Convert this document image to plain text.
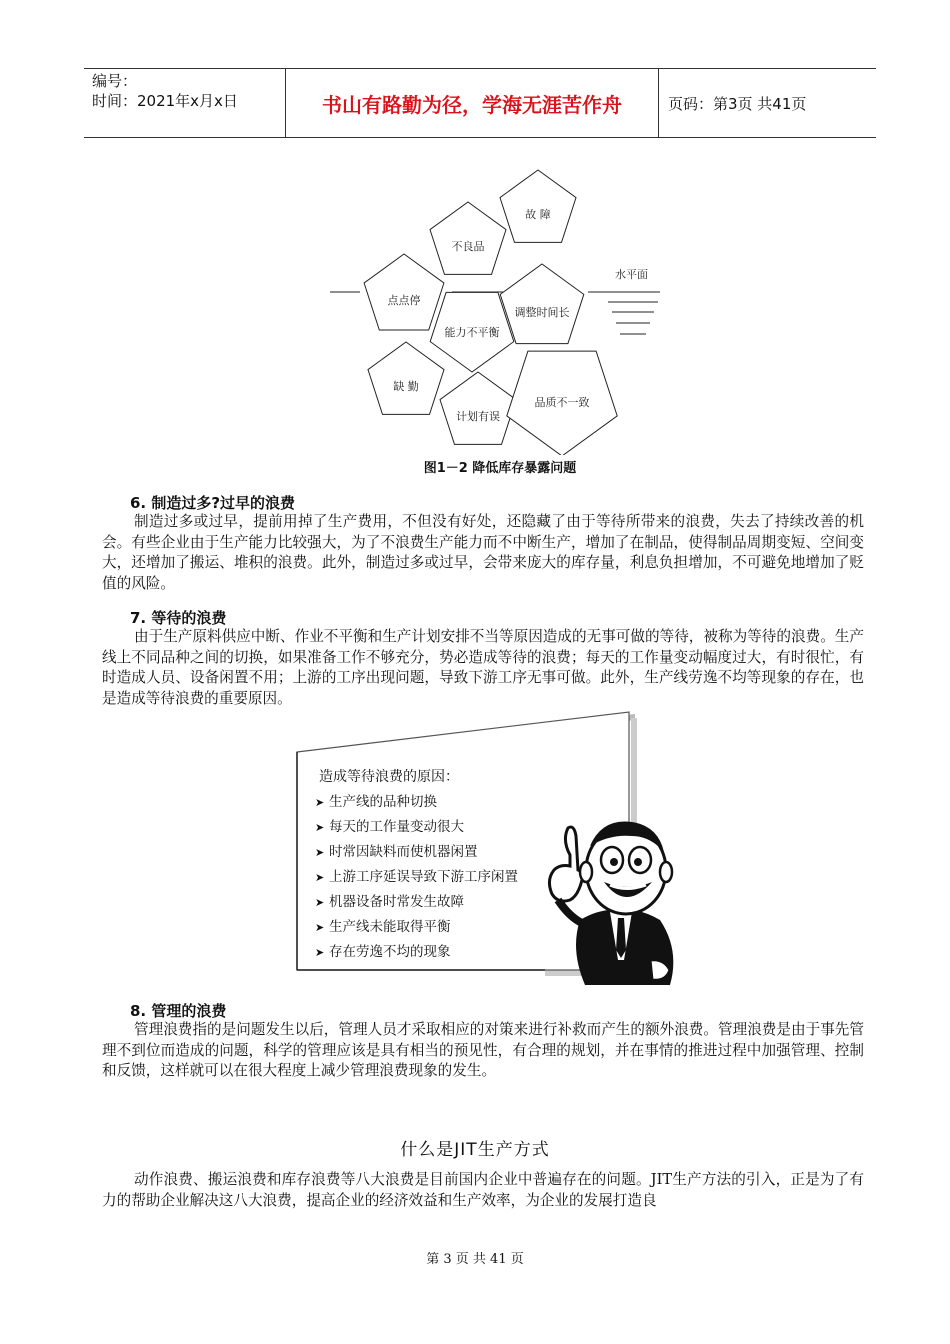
编号：
时间：2021年x月x日	书山有路勤为径，学海无涯苦作舟	页码：第3页 共41页
故 障
不良品
点点停
能力不平衡
调整时间长
缺 勤
计划有误
品质不一致
水平面
图1－2 降低库存暴露问题
6. 制造过多?过早的浪费
制造过多或过早，提前用掉了生产费用，不但没有好处，还隐藏了由于等待所带来的浪费，失去了持续改善的机会。有些企业由于生产能力比较强大，为了不浪费生产能力而不中断生产，增加了在制品，使得制品周期变短、空间变大，还增加了搬运、堆积的浪费。此外，制造过多或过早，会带来庞大的库存量，利息负担增加，不可避免地增加了贬值的风险。
7. 等待的浪费
由于生产原料供应中断、作业不平衡和生产计划安排不当等原因造成的无事可做的等待，被称为等待的浪费。生产线上不同品种之间的切换，如果准备工作不够充分，势必造成等待的浪费；每天的工作量变动幅度过大，有时很忙，有时造成人员、设备闲置不用；上游的工序出现问题，导致下游工序无事可做。此外，生产线劳逸不均等现象的存在，也是造成等待浪费的重要原因。
造成等待浪费的原因：
➤ 生产线的品种切换
➤ 每天的工作量变动很大
➤ 时常因缺料而使机器闲置
➤ 上游工序延误导致下游工序闲置
➤ 机器设备时常发生故障
➤ 生产线未能取得平衡
➤ 存在劳逸不均的现象
8. 管理的浪费
管理浪费指的是问题发生以后，管理人员才采取相应的对策来进行补救而产生的额外浪费。管理浪费是由于事先管理不到位而造成的问题，科学的管理应该是具有相当的预见性，有合理的规划，并在事情的推进过程中加强管理、控制和反馈，这样就可以在很大程度上减少管理浪费现象的发生。
什么是JIT生产方式
动作浪费、搬运浪费和库存浪费等八大浪费是目前国内企业中普遍存在的问题。JIT生产方法的引入，正是为了有力的帮助企业解决这八大浪费，提高企业的经济效益和生产效率，为企业的发展打造良
第 3 页 共 41 页
